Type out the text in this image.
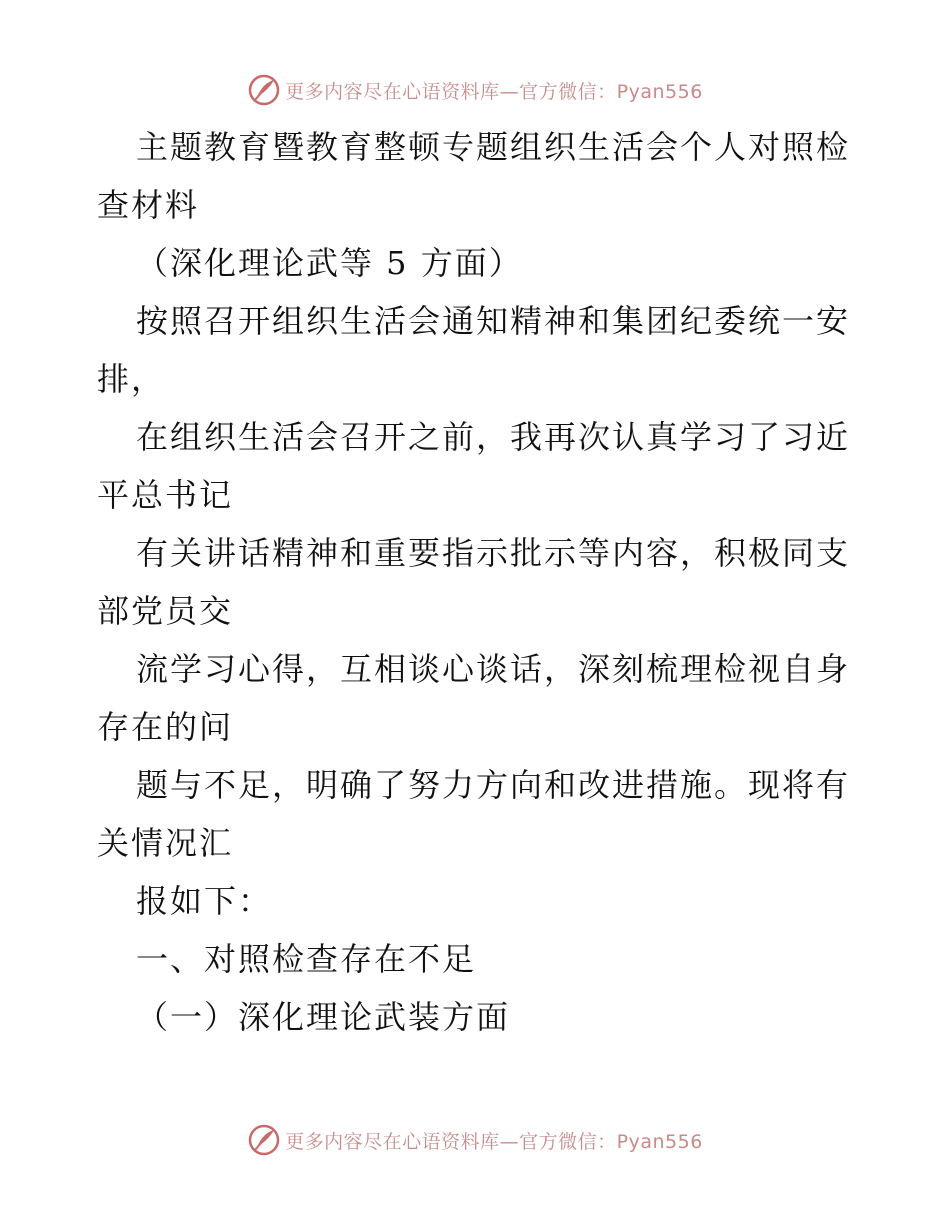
更多内容尽在心语资料库—官方微信：Pyan556
主题教育暨教育整顿专题组织生活会个人对照检
查材料
（深化理论武等 5 方面）
按照召开组织生活会通知精神和集团纪委统一安
排，
在组织生活会召开之前，我再次认真学习了习近
平总书记
有关讲话精神和重要指示批示等内容，积极同支
部党员交
流学习心得，互相谈心谈话，深刻梳理检视自身
存在的问
题与不足，明确了努力方向和改进措施。现将有
关情况汇
报如下：
一、对照检查存在不足
（一）深化理论武装方面
更多内容尽在心语资料库—官方微信：Pyan556
